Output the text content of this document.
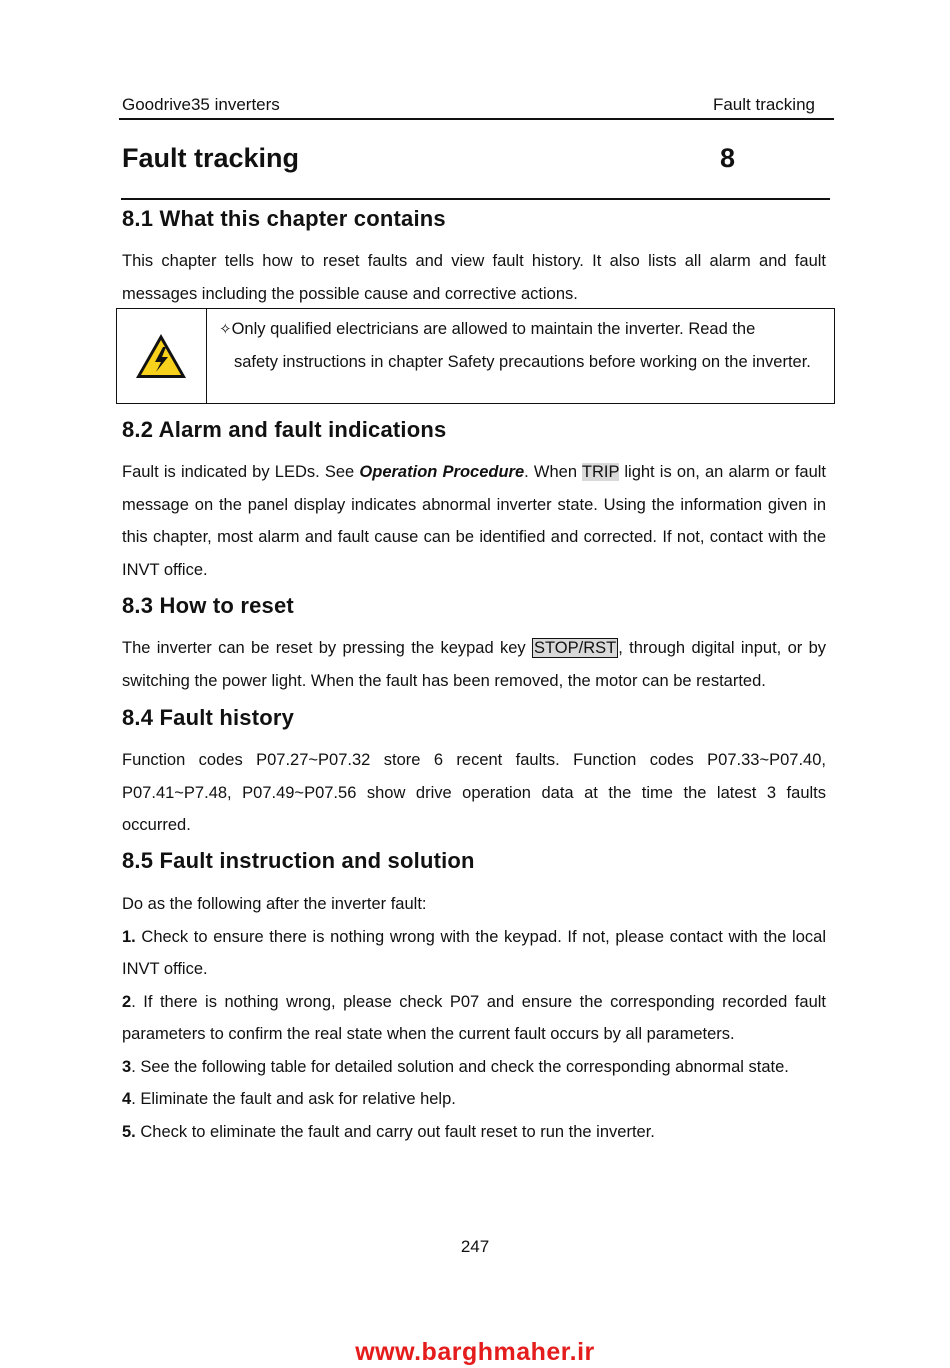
Goodrive35 inverters	Fault tracking
Fault tracking	8
8.1 What this chapter contains
This chapter tells how to reset faults and view fault history. It also lists all alarm and fault messages including the possible cause and corrective actions.
✧Only qualified electricians are allowed to maintain the inverter. Read the
safety instructions in chapter Safety precautions before working on the inverter.
8.2 Alarm and fault indications
Fault is indicated by LEDs. See Operation Procedure. When TRIP light is on, an alarm or fault message on the panel display indicates abnormal inverter state. Using the information given in this chapter, most alarm and fault cause can be identified and corrected. If not, contact with the INVT office.
8.3 How to reset
The inverter can be reset by pressing the keypad key STOP/RST , through digital input, or by switching the power light. When the fault has been removed, the motor can be restarted.
8.4 Fault history
Function codes P07.27~P07.32 store 6 recent faults. Function codes P07.33~P07.40, P07.41~P7.48, P07.49~P07.56 show drive operation data at the time the latest 3 faults occurred.
8.5 Fault instruction and solution
Do as the following after the inverter fault:
1. Check to ensure there is nothing wrong with the keypad. If not, please contact with the local INVT office.
2. If there is nothing wrong, please check P07 and ensure the corresponding recorded fault parameters to confirm the real state when the current fault occurs by all parameters.
3. See the following table for detailed solution and check the corresponding abnormal state.
4. Eliminate the fault and ask for relative help.
5. Check to eliminate the fault and carry out fault reset to run the inverter.
247
www.barghmaher.ir
